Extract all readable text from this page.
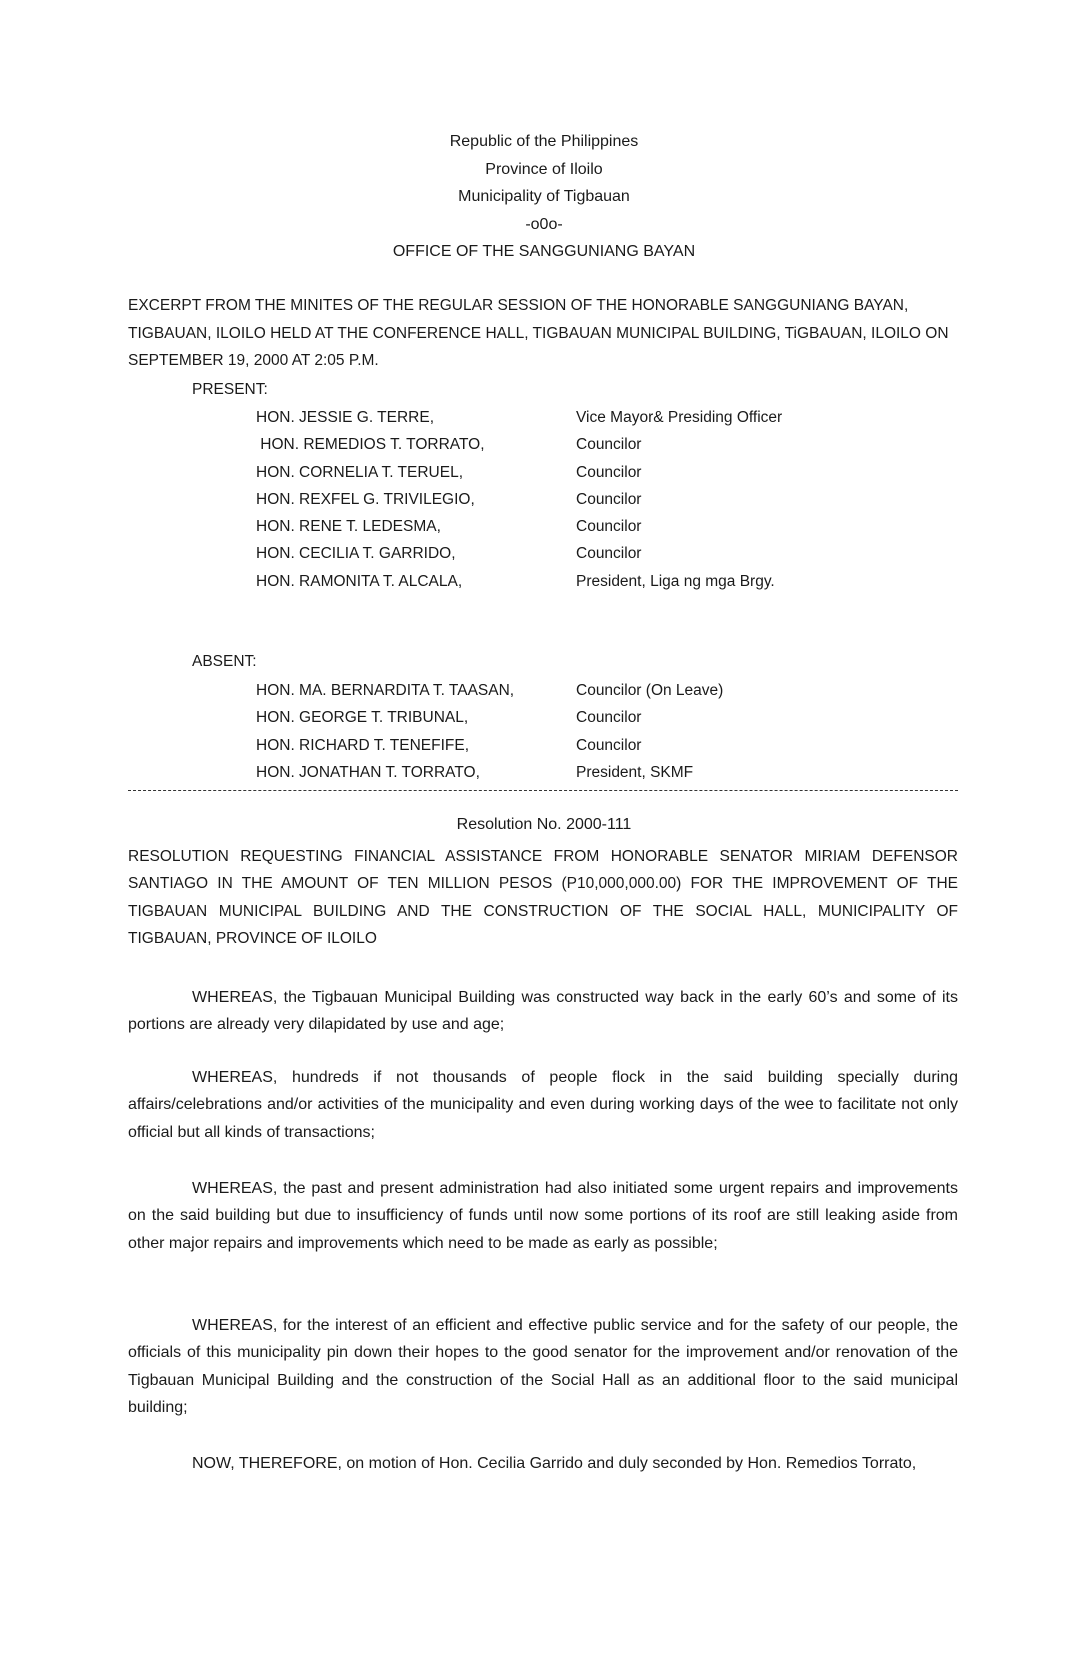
Republic of the Philippines
Province of Iloilo
Municipality of Tigbauan
-o0o-
OFFICE OF THE SANGGUNIANG BAYAN
EXCERPT FROM THE MINITES OF THE REGULAR SESSION OF THE HONORABLE SANGGUNIANG BAYAN, TIGBAUAN, ILOILO HELD AT THE CONFERENCE HALL, TIGBAUAN MUNICIPAL BUILDING, TiGBAUAN, ILOILO ON SEPTEMBER 19, 2000 AT 2:05 P.M.
PRESENT:
HON. JESSIE G. TERRE,	Vice Mayor& Presiding Officer
HON. REMEDIOS T. TORRATO,	Councilor
HON. CORNELIA T. TERUEL,	Councilor
HON. REXFEL G. TRIVILEGIO,	Councilor
HON. RENE T. LEDESMA,	Councilor
HON. CECILIA T. GARRIDO,	Councilor
HON. RAMONITA T. ALCALA,	President, Liga ng mga Brgy.
ABSENT:
HON. MA. BERNARDITA T. TAASAN,	Councilor (On Leave)
HON. GEORGE T. TRIBUNAL,	Councilor
HON. RICHARD T. TENEFIFE,	Councilor
HON. JONATHAN T. TORRATO,	President, SKMF
Resolution No. 2000-111
RESOLUTION REQUESTING FINANCIAL ASSISTANCE FROM HONORABLE SENATOR MIRIAM DEFENSOR SANTIAGO IN THE AMOUNT OF TEN MILLION PESOS (P10,000,000.00) FOR THE IMPROVEMENT OF THE TIGBAUAN MUNICIPAL BUILDING AND THE CONSTRUCTION OF THE SOCIAL HALL, MUNICIPALITY OF TIGBAUAN, PROVINCE OF ILOILO

WHEREAS, the Tigbauan Municipal Building was constructed way back in the early 60’s and some of its portions are already very dilapidated by use and age;

WHEREAS, hundreds if not thousands of people flock in the said building specially during affairs/celebrations and/or activities of the municipality and even during working days of the wee to facilitate not only official but all kinds of transactions;

WHEREAS, the past and present administration had also initiated some urgent repairs and improvements on the said building but due to insufficiency of funds until now some portions of its roof are still leaking aside from other major repairs and improvements which need to be made as early as possible;

WHEREAS, for the interest of an efficient and effective public service and for the safety of our people, the officials of this municipality pin down their hopes to the good senator for the improvement and/or renovation of the Tigbauan Municipal Building and the construction of the Social Hall as an additional floor to the said municipal building;

NOW, THEREFORE, on motion of Hon. Cecilia Garrido and duly seconded by Hon. Remedios Torrato,
